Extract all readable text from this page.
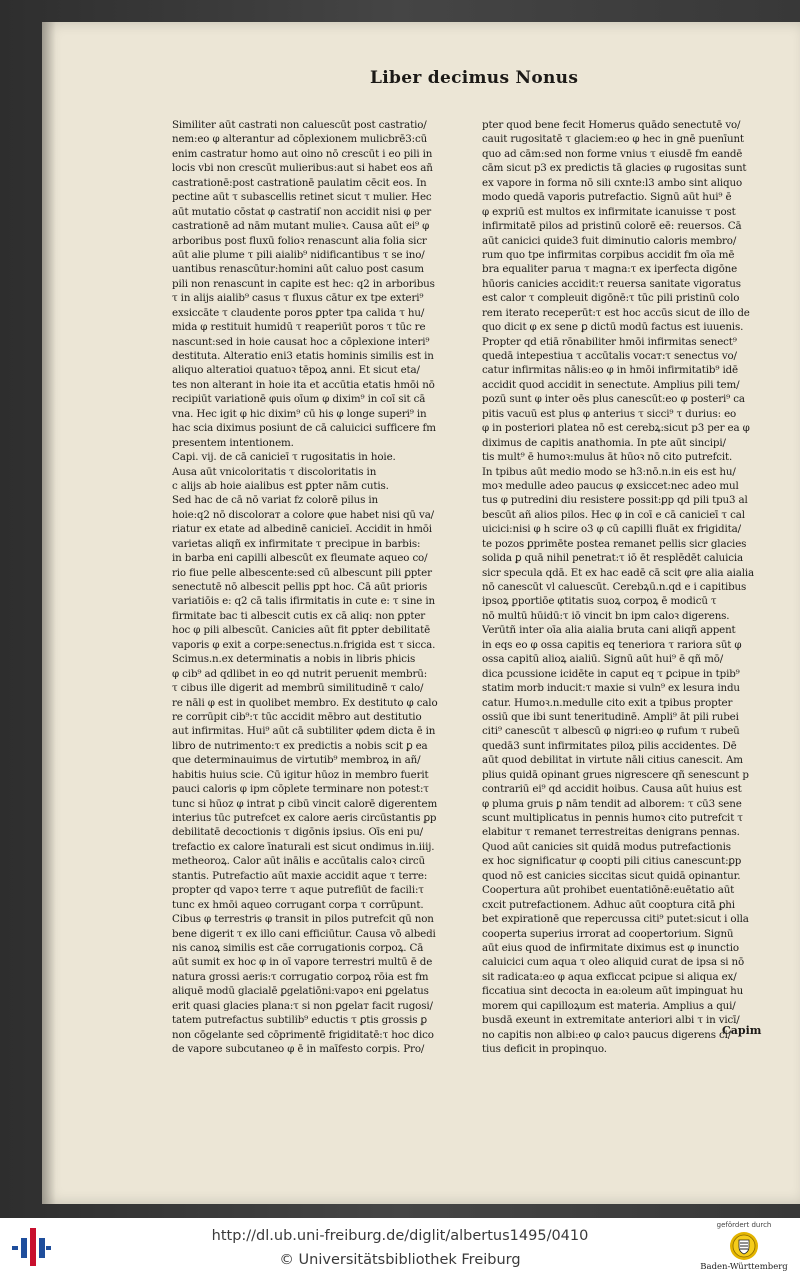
Liber decimus Nonus
Similiter aūt castrati non caluescūt post castratio/
nem:eo φ alterantur ad cōplexionem mulicbrē3:cū
enim castratur homo aut oino nō crescūt i eo pili in
locis vbi non crescūt mulieribus:aut si habet eos añ
castrationē:post castrationē paulatim cēcit eos. In
pectine aūt τ subascellis retinet sicut τ mulier. Hec
aūt mutatio cōstat φ castratiſ non accidit nisi φ per
castrationē ad nām mutant mulieꝛ. Causa aūt ei⁹ φ
arboribus post fluxū folioꝛ renascunt alia folia sicr
aūt alie plume τ pili aialib⁹ nidificantibus τ se ino/
uantibus renascūtur:homini aūt caluo post casum
pili non renascunt in capite est hec: q2 in arboribus
τ in alijs aialib⁹ casus τ fluxus cātur ex tpe exteri⁹
exsiccāte τ claudente poros ꝑpter tpa calida τ hu/
mida φ restituit humidū τ reaperiūt poros τ tūc re
nascunt:sed in hoie causat hoc a cōplexione interi⁹
destituta. Alteratio eni3 etatis hominis similis est in
aliquo alteratioi quatuoꝛ tēpoꝝ anni. Et sicut eta/
tes non alterant in hoie ita et accūtia etatis hmōi nō
recipiūt variationē φuis oīum φ dixim⁹ in coī sit cā
vna. Hec igit φ hic dixim⁹ cū his φ longe superi⁹ in
hac scia diximus posiunt de cā caluicici sufficere fm
presentem intentionem.
Capi. vij. de cā canicieī τ rugositatis in hoie.
Ausa aūt vnicoloritatis τ discoloritatis in
c alijs ab hoie aialibus est ꝑpter nām cutis.
Sed hac de cā nō variat fz colorē pilus in
hoie:q2 nō discoloraт a colore φue habet nisi qū va/
riatur ex etate ad albedinē canicieī. Accidit in hmōi
varietas aliqñ ex infirmitate τ precipue in barbis:
in barba eni capilli albescūt ex fleumate aqueo co/
rio fiue pelle albescente:sed cū albescunt pili ꝑpter
senectutē nō albescit pellis ꝑpt hoc. Cā aūt prioris
variatiōis e: q2 cā talis ifirmitatis in cute e: τ sine in
firmitate bac ti albescit cutis ex cā aliq: non ꝑpter
hoc φ pili albescūt. Canicies aūt fit ꝑpter debilitatē
vaporis φ exit a corpe:senectus.n.frigida est τ sicca.
Scimus.n.ex determinatis a nobis in libris phicis
φ cib⁹ ad qdlibet in eo qd nutrit peruenit membrū:
τ cibus ille digerit ad membrū similitudinē τ calo/
re nāli φ est in quolibet membro. Ex destituto φ calo
re corrūpit cib⁹:τ tūc accidit mēbro aut destitutio
aut infirmitas. Hui⁹ aūt cā subtiliter φdem dicta ē in
libro de nutrimento:τ ex predictis a nobis scit ꝑ ea
que determinauimus de virtutib⁹ membroꝝ in añ/
habitis huius scie. Cū igitur hūoz in membro fuerit
pauci caloris φ ipm cōplete terminare non potest:τ
tunc si hūoz φ intrat p cibū vincit calorē digerentem
interius tūc putrefcet ex calore aeris circūstantis ꝑp
debilitatē decoctionis τ digōnis ipsius. Oīs eni pu/
trefactio ex calore īnaturali est sicut ondimus in.iiij.
metheoroꝝ. Calor aūt inālis e accūtalis caloꝛ circū
stantis. Putrefactio aūt maxie accidit aque τ terre:
propter qd vapoꝛ terre τ aque putrefiūt de facili:τ
tunc ex hmōi aqueo corrugant corpa τ corrūpunt.
Cibus φ terrestris φ transit in pilos putrefcit qū non
bene digerit τ ex illo cani efficiūtur. Causa vō albedi
nis canoꝝ similis est cāe corrugationis corpoꝝ. Cā
aūt sumit ex hoc φ in oī vapore terrestri multū ē de
natura grossi aeris:τ corrugatio corpoꝝ rōia est fm
aliquē modū glacialē ꝑgelatiōni:vapoꝛ eni ꝑgelatus
erit quasi glacies plana:τ si non ꝑgelaт facit rugosi/
tatem putrefactus subtilib⁹ eductis τ ꝑtis grossis ꝑ
non cōgelante sed cōprimentē frigiditatē:τ hoc dico
de vapore subcutaneo φ ē in maīfesto corpis. Pro/
pter quod bene fecit Homerus quādo senectutē vo/
cauit rugositatē τ glaciem:eo φ hec in gnē puenīunt
quo ad cām:sed non forme vnius τ eiusdē fm eandē
cām sicut p3 ex predictis tā glacies φ rugositas sunt
ex vapore in forma nō sili cxnte:l3 ambo sint aliquo
modo quedā vaporis putrefactio. Signū aūt hui⁹ ē
φ expriū est multos ex infirmitate icanuisse τ post
infirmitatē pilos ad pristinū colorē eē: reuersos. Cā
aūt canicici quide3 fuit diminutio caloris membro/
rum quo tpe infirmitas corpibus accidit fm oīa mē
bra equaliter parua τ magna:τ ex iperfecta digōne
hūoris canicies accidit:τ reuersa sanitate vigoratus
est calor τ compleuit digōnē:τ tūc pili pristinū colo
rem iterato receperūt:τ est hoc accūs sicut de illo de
quo dicit φ ex sene ꝑ dictū modū factus est iuuenis.
Propter qd etiā rōnabiliter hmōi infirmitas senect⁹
quedā intepestiua τ accūtalis vocaт:τ senectus vo/
catur infirmitas nālis:eo φ in hmōi infirmitatib⁹ idē
accidit quod accidit in senectute. Amplius pili tem/
pozū sunt φ inter oēs plus canescūt:eo φ posteri⁹ ca
pitis vacuū est plus φ anterius τ sicci⁹ τ durius: eo
φ in posteriori platea nō est cerebꝝ:sicut p3 per ea φ
diximus de capitis anathomia. In pte aūt sincipi/
tis mult⁹ ē humoꝛ:mulus āt hūoꝛ nō cito putrefcit.
In tpibus aūt medio modo se h3:nō.n.in eis est hu/
moꝛ medulle adeo paucus φ exsiccet:nec adeo mul
tus φ putredini diu resistere possit:ꝑp qd pili tpu3 al
bescūt añ alios pilos. Hec φ in coī e cā canicieī τ cal
uicici:nisi φ h scire o3 φ cū capilli fluāt ex frigidita/
te pozos ꝑprimēte postea remanet pellis sicr glacies
solida ꝑ quā nihil penetrat:τ iō ēt resplēdēt caluicia
sicr specula qdā. Et ex hac eadē cā scit φre alia aialia
nō canescūt vl caluescūt. Cerebꝝū.n.qd e i capitibus
ipsoꝝ ꝑportiōe φtitatis suoꝝ corpoꝝ ē modicū τ
nō multū hūidū:τ iō vincit bn ipm caloꝛ digerens.
Verūtñ inter oīa alia aialia bruta cani aliqñ appent
in eqs eo φ ossa capitis eq teneriora τ rariora sūt φ
ossa capitū alioꝝ aialiū. Signū aūt hui⁹ ē qñ mō/
dica pcussione icidēte in caput eq τ ꝑcipue in tpib⁹
statim morb inducit:τ maxie si vuln⁹ ex lesura indu
catur. Humoꝛ.n.medulle cito exit a tpibus propter
ossiū que ibi sunt teneritudinē. Ampli⁹ āt pili rubei
citi⁹ canescūt τ albescū φ nigri:eo φ rufum τ rubeū
quedā3 sunt infirmitates piloꝝ pilis accidentes. Dē
aūt quod debilitat in virtute nāli citius canescit. Am
plius quidā opinant grues nigrescere qñ senescunt p
contrariū ei⁹ qd accidit hoibus. Causa aūt huius est
φ pluma gruis ꝑ nām tendit ad alborem: τ cū3 sene
scunt multiplicatus in pennis humoꝛ cito putrefcit τ
elabitur τ remanet terrestreitas denigrans pennas.
Quod aūt canicies sit quidā modus putrefactionis
ex hoc significatur φ coopti pili citius canescunt:ꝑp
quod nō est canicies siccitas sicut quidā opinantur.
Coopertura aūt prohibet euentatiōnē:euētatio aūt
cxcit putrefactionem. Adhuc aūt coopturа citā ꝑhi
bet expirationē que repercussa citi⁹ putet:sicut i olla
cooperta superius irrorat ad coopertorium. Signū
aūt eius quod de infirmitate diximus est φ inunctio
caluicici cum aqua τ oleo aliquid curat de ipsa si nō
sit radicata:eo φ aqua exficcat pcipue si aliqua ex/
ficcatiua sint decocta in ea:oleum aūt impinguat hu
morem qui capilloꝝum est materia. Amplius a qui/
busdā exeunt in extremitate anteriori albi τ in vicī/
no capitis non albi:eo φ caloꝛ paucus digerens ci/
tius deficit in propinquo.
Capim
http://dl.ub.uni-freiburg.de/diglit/albertus1495/0410
© Universitätsbibliothek Freiburg
gefördert durch
Baden-Württemberg
